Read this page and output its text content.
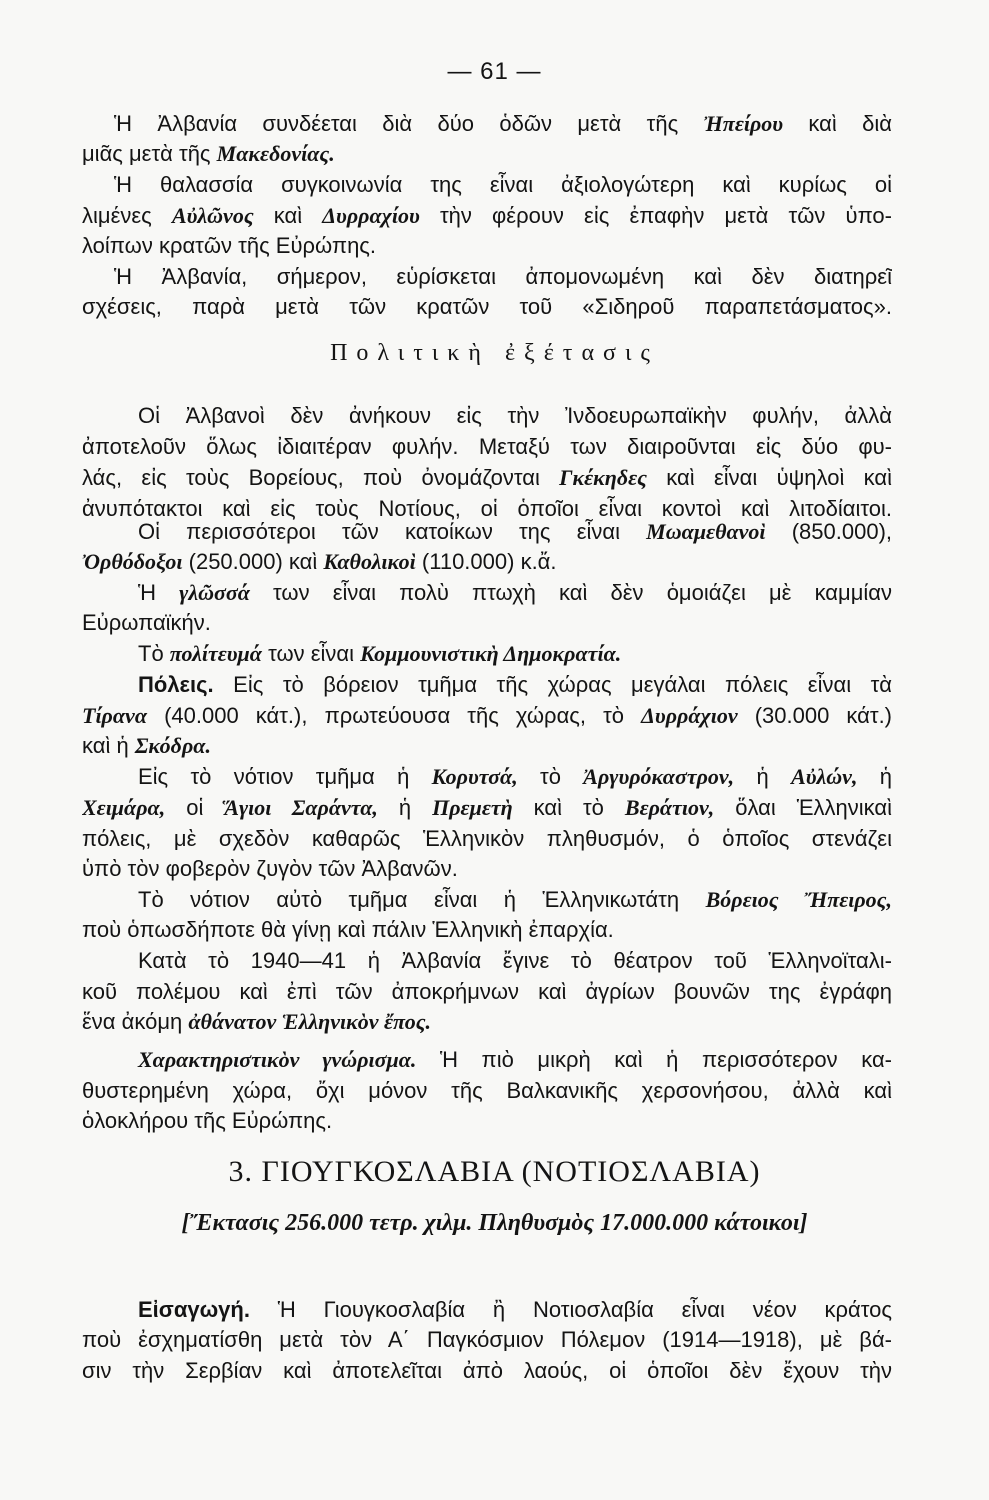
— 61 —
Ἡ Ἀλβανία συνδέεται διὰ δύο ὁδῶν μετὰ τῆς Ἠπείρου καὶ διὰ
μιᾶς μετὰ τῆς Μακεδονίας.
Ἡ θαλασσία συγκοινωνία της εἶναι ἀξιολογώτερη καὶ κυρίως οἱ
λιμένες Αὐλῶνος καὶ Δυρραχίου τὴν φέρουν εἰς ἐπαφὴν μετὰ τῶν ὑπο-
λοίπων κρατῶν τῆς Εὐρώπης.
Ἡ Ἀλβανία, σήμερον, εὑρίσκεται ἀπομονωμένη καὶ δὲν διατηρεῖ
σχέσεις, παρὰ μετὰ τῶν κρατῶν τοῦ «Σιδηροῦ παραπετάσματος».
Πολιτικὴ ἐξέτασις
Οἱ Ἀλβανοὶ δὲν ἀνήκουν εἰς τὴν Ἰνδοευρωπαϊκὴν φυλήν, ἀλλὰ
ἀποτελοῦν ὅλως ἰδιαιτέραν φυλήν. Μεταξύ των διαιροῦνται εἰς δύο φυ-
λάς, εἰς τοὺς Βορείους, ποὺ ὀνομάζονται Γκέκηδες καὶ εἶναι ὑψηλοὶ καὶ
ἀνυπότακτοι καὶ εἰς τοὺς Νοτίους, οἱ ὁποῖοι εἶναι κοντοὶ καὶ λιτοδίαιτοι.
Οἱ περισσότεροι τῶν κατοίκων της εἶναι Μωαμεθανοὶ (850.000),
Ὀρθόδοξοι (250.000) καὶ Καθολικοὶ (110.000) κ.ἄ.
Ἡ γλῶσσά των εἶναι πολὺ πτωχὴ καὶ δὲν ὁμοιάζει μὲ καμμίαν
Εὐρωπαϊκήν.
Τὸ πολίτευμά των εἶναι Κομμουνιστικὴ Δημοκρατία.
Πόλεις. Εἰς τὸ βόρειον τμῆμα τῆς χώρας μεγάλαι πόλεις εἶναι τὰ
Τίρανα (40.000 κάτ.), πρωτεύουσα τῆς χώρας, τὸ Δυρράχιον (30.000 κάτ.)
καὶ ἡ Σκόδρα.
Εἰς τὸ νότιον τμῆμα ἡ Κορυτσά, τὸ Ἀργυρόκαστρον, ἡ Αὐλών, ἡ
Χειμάρα, οἱ Ἅγιοι Σαράντα, ἡ Πρεμετὴ καὶ τὸ Βεράτιον, ὅλαι Ἑλληνικαὶ
πόλεις, μὲ σχεδὸν καθαρῶς Ἑλληνικὸν πληθυσμόν, ὁ ὁποῖος στενάζει
ὑπὸ τὸν φοβερὸν ζυγὸν τῶν Ἀλβανῶν.
Τὸ νότιον αὐτὸ τμῆμα εἶναι ἡ Ἑλληνικωτάτη Βόρειος Ἤπειρος,
ποὺ ὁπωσδήποτε θὰ γίνῃ καὶ πάλιν Ἑλληνικὴ ἐπαρχία.
Κατὰ τὸ 1940—41 ἡ Ἀλβανία ἔγινε τὸ θέατρον τοῦ Ἑλληνοϊταλι-
κοῦ πολέμου καὶ ἐπὶ τῶν ἀποκρήμνων καὶ ἀγρίων βουνῶν της ἐγράφη
ἕνα ἀκόμη ἀθάνατον Ἑλληνικὸν ἔπος.
Χαρακτηριστικὸν γνώρισμα. Ἡ πιὸ μικρὴ καὶ ἡ περισσότερον κα-
θυστερημένη χώρα, ὄχι μόνον τῆς Βαλκανικῆς χερσονήσου, ἀλλὰ καὶ
ὁλοκλήρου τῆς Εὐρώπης.
3. ΓΙΟΥΓΚΟΣΛΑΒΙΑ (ΝΟΤΙΟΣΛΑΒΙΑ)
[Ἔκτασις 256.000 τετρ. χιλμ. Πληθυσμὸς 17.000.000 κάτοικοι]
Εἰσαγωγή. Ἡ Γιουγκοσλαβία ἢ Νοτιοσλαβία εἶναι νέον κράτος
ποὺ ἐσχηματίσθη μετὰ τὸν Α΄ Παγκόσμιον Πόλεμον (1914—1918), μὲ βά-
σιν τὴν Σερβίαν καὶ ἀποτελεῖται ἀπὸ λαούς, οἱ ὁποῖοι δὲν ἔχουν τὴν
